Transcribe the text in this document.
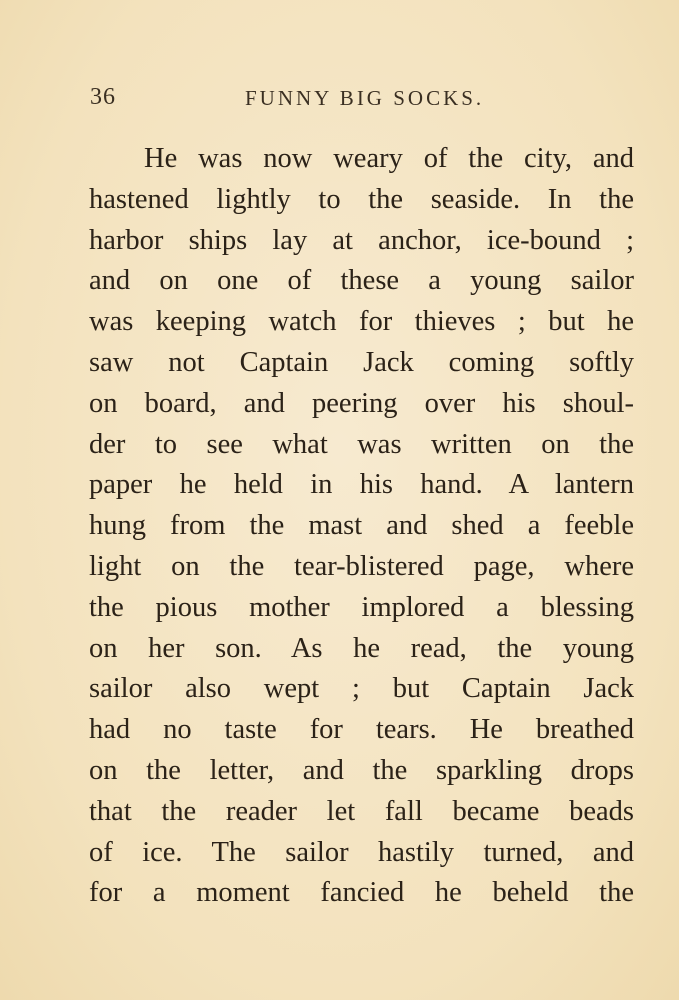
36	FUNNY BIG SOCKS.
He was now weary of the city, and
hastened lightly to the seaside. In the
harbor ships lay at anchor, ice-bound ;
and on one of these a young sailor
was keeping watch for thieves ; but he
saw not Captain Jack coming softly
on board, and peering over his shoul-
der to see what was written on the
paper he held in his hand. A lantern
hung from the mast and shed a feeble
light on the tear-blistered page, where
the pious mother implored a blessing
on her son. As he read, the young
sailor also wept ; but Captain Jack
had no taste for tears. He breathed
on the letter, and the sparkling drops
that the reader let fall became beads
of ice. The sailor hastily turned, and
for a moment fancied he beheld the
